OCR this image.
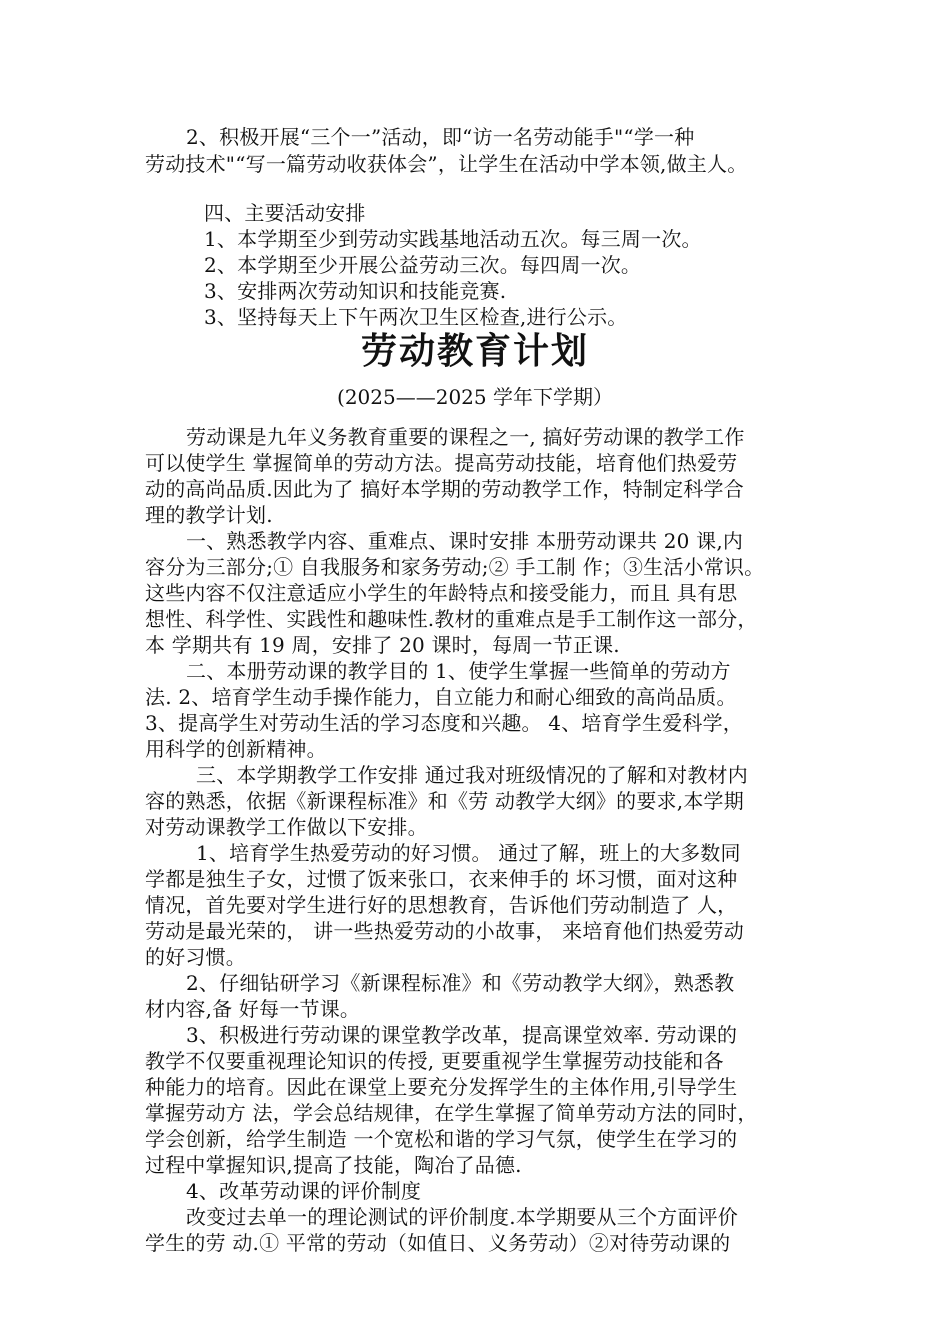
2、积极开展“三个一”活动，即“访一名劳动能手"“学一种
劳动技术"“写一篇劳动收获体会”，让学生在活动中学本领,做主人。
四、主要活动安排
1、本学期至少到劳动实践基地活动五次。每三周一次。
2、本学期至少开展公益劳动三次。每四周一次。
3、安排两次劳动知识和技能竞赛.
3、坚持每天上下午两次卫生区检查,进行公示。
劳动教育计划
(2025——2025 学年下学期）
劳动课是九年义务教育重要的课程之一, 搞好劳动课的教学工作
可以使学生 掌握简单的劳动方法。提高劳动技能，培育他们热爱劳
动的高尚品质.因此为了 搞好本学期的劳动教学工作，特制定科学合
理的教学计划.
一、熟悉教学内容、重难点、课时安排 本册劳动课共 20 课,内
容分为三部分;① 自我服务和家务劳动;② 手工制 作；③生活小常识。
这些内容不仅注意适应小学生的年龄特点和接受能力，而且 具有思
想性、科学性、实践性和趣味性.教材的重难点是手工制作这一部分，
本 学期共有 19 周，安排了 20 课时，每周一节正课.
二、本册劳动课的教学目的 1、使学生掌握一些简单的劳动方
法. 2、培育学生动手操作能力，自立能力和耐心细致的高尚品质。
3、提高学生对劳动生活的学习态度和兴趣。 4、培育学生爱科学，
用科学的创新精神。
三、本学期教学工作安排 通过我对班级情况的了解和对教材内
容的熟悉，依据《新课程标准》和《劳 动教学大纲》的要求,本学期
对劳动课教学工作做以下安排。
1、培育学生热爱劳动的好习惯。 通过了解，班上的大多数同
学都是独生子女，过惯了饭来张口，衣来伸手的 坏习惯，面对这种
情况，首先要对学生进行好的思想教育，告诉他们劳动制造了 人，
劳动是最光荣的， 讲一些热爱劳动的小故事， 来培育他们热爱劳动
的好习惯。
2、仔细钻研学习《新课程标准》和《劳动教学大纲》，熟悉教
材内容,备 好每一节课。
3、积极进行劳动课的课堂教学改革，提高课堂效率. 劳动课的
教学不仅要重视理论知识的传授, 更要重视学生掌握劳动技能和各
种能力的培育。因此在课堂上要充分发挥学生的主体作用,引导学生
掌握劳动方 法，学会总结规律，在学生掌握了简单劳动方法的同时，
学会创新，给学生制造 一个宽松和谐的学习气氛，使学生在学习的
过程中掌握知识,提高了技能，陶冶了品德.
4、改革劳动课的评价制度
改变过去单一的理论测试的评价制度.本学期要从三个方面评价
学生的劳 动.① 平常的劳动（如值日、义务劳动）②对待劳动课的
